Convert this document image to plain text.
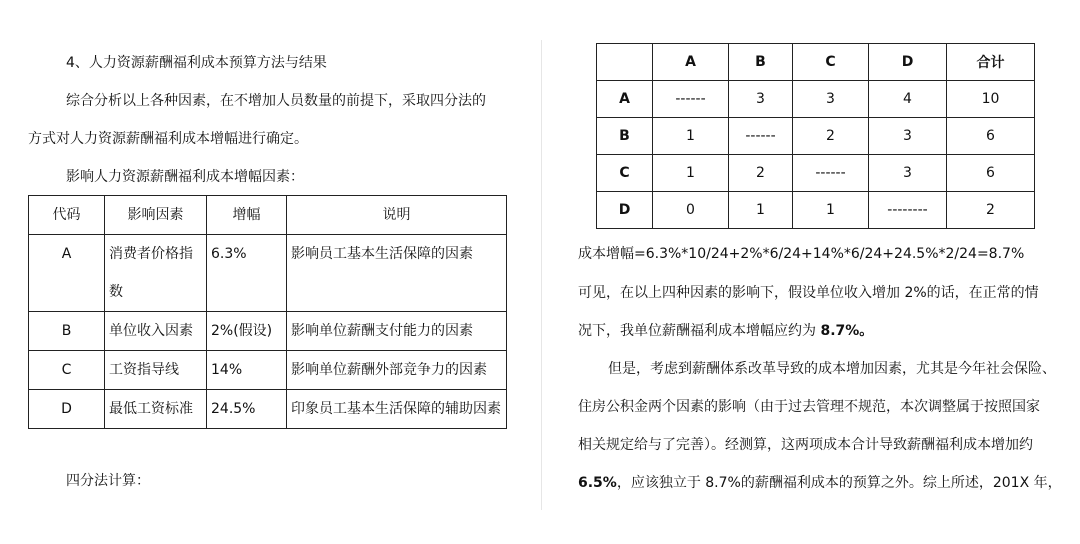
4、人力资源薪酬福利成本预算方法与结果
综合分析以上各种因素，在不增加人员数量的前提下，采取四分法的
方式对人力资源薪酬福利成本增幅进行确定。
影响人力资源薪酬福利成本增幅因素：
代码	影响因素	增幅	说明
A	消费者价格指数	6.3%	影响员工基本生活保障的因素
B	单位收入因素	2%(假设)	影响单位薪酬支付能力的因素
C	工资指导线	14%	影响单位薪酬外部竞争力的因素
D	最低工资标准	24.5%	印象员工基本生活保障的辅助因素
四分法计算：
	A	B	C	D	合计
A	------	3	3	4	10
B	1	------	2	3	6
C	1	2	------	3	6
D	0	1	1	--------	2
成本增幅=6.3%*10/24+2%*6/24+14%*6/24+24.5%*2/24=8.7%
可见，在以上四种因素的影响下，假设单位收入增加 2%的话，在正常的情
况下，我单位薪酬福利成本增幅应约为 8.7%。
但是，考虑到薪酬体系改革导致的成本增加因素，尤其是今年社会保险、
住房公积金两个因素的影响（由于过去管理不规范，本次调整属于按照国家
相关规定给与了完善）。经测算，这两项成本合计导致薪酬福利成本增加约
6.5%，应该独立于 8.7%的薪酬福利成本的预算之外。综上所述，201X 年，
